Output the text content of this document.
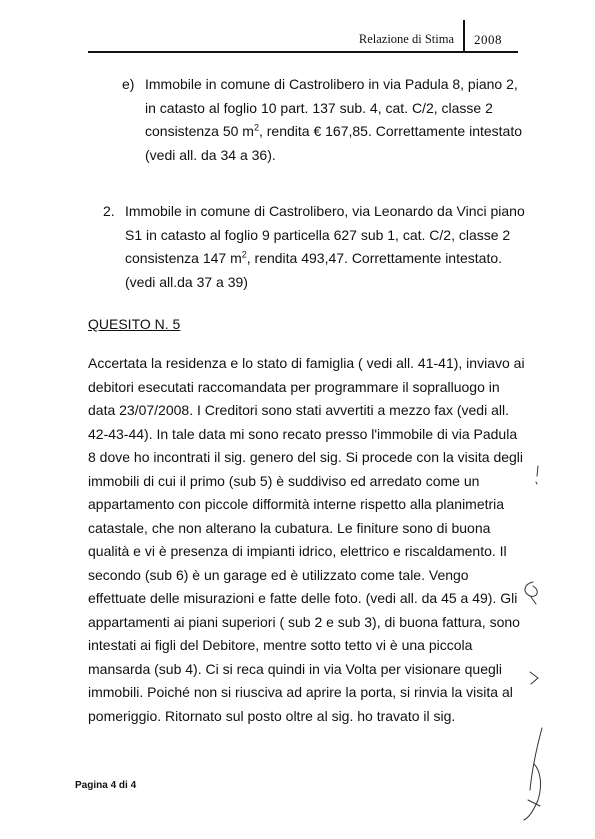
Relazione di Stima 2008
e) Immobile in comune di Castrolibero in via Padula 8, piano 2, in catasto al foglio 10 part. 137 sub. 4, cat. C/2, classe 2 consistenza 50 $m^2$, rendita € 167,85. Correttamente intestato (vedi all. da 34 a 36).

2. Immobile in comune di Castrolibero, via Leonardo da Vinci piano S1 in catasto al foglio 9 particella 627 sub 1, cat. C/2, classe 2 consistenza 147 $m^2$, rendita 493,47. Correttamente intestato.(vedi all.da 37 a 39)

QUESITO N. 5

Accertata la residenza e lo stato di famiglia ( vedi all. 41-41), inviavo ai debitori esecutati raccomandata per programmare il sopralluogo in data 23/07/2008. I Creditori sono stati avvertiti a mezzo fax (vedi all. 42-43-44). In tale data mi sono recato presso l'immobile di via Padula 8 dove ho incontrati il sig. genero del sig. Si procede con la visita degli immobili di cui il primo (sub 5) è suddiviso ed arredato come un appartamento con piccole difformità interne rispetto alla planimetria catastale, che non alterano la cubatura. Le finiture sono di buona qualità e vi è presenza di impianti idrico, elettrico e riscaldamento. Il secondo (sub 6) è un garage ed è utilizzato come tale. Vengo effettuate delle misurazioni e fatte delle foto. (vedi all. da 45 a 49). Gli appartamenti ai piani superiori ( sub 2 e sub 3), di buona fattura, sono intestati ai figli del Debitore, mentre sotto tetto vi è una piccola mansarda (sub 4). Ci si reca quindi in via Volta per visionare quegli immobili. Poiché non si riusciva ad aprire la porta, si rinvia la visita al pomeriggio. Ritornato sul posto oltre al sig. ho travato il sig.

Pagina 4 di 4
